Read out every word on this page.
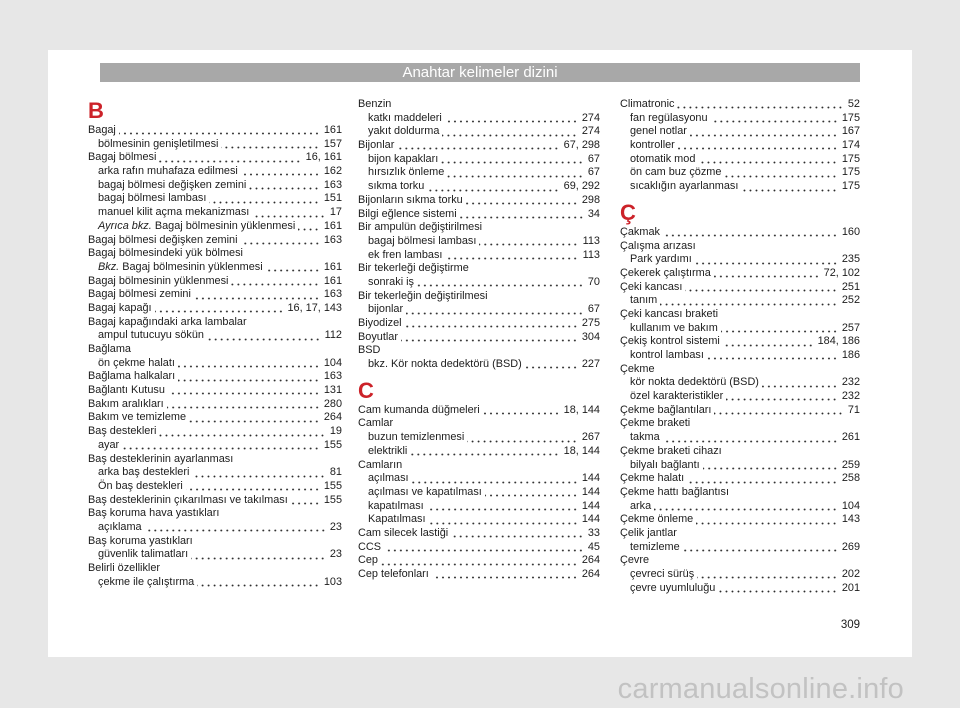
Anahtar kelimeler dizini
B
Bagaj	161
bölmesinin genişletilmesi	157
Bagaj bölmesi	16, 161
arka rafın muhafaza edilmesi	162
bagaj bölmesi değişken zemini	163
bagaj bölmesi lambası	151
manuel kilit açma mekanizması	17
Ayrıca bkz. Bagaj bölmesinin yüklenmesi	161
Bagaj bölmesi değişken zemini	163
Bagaj bölmesindeki yük bölmesi
Bkz. Bagaj bölmesinin yüklenmesi	161
Bagaj bölmesinin yüklenmesi	161
Bagaj bölmesi zemini	163
Bagaj kapağı	16, 17, 143
Bagaj kapağındaki arka lambalar
ampul tutucuyu sökün	112
Bağlama
ön çekme halatı	104
Bağlama halkaları	163
Bağlantı Kutusu	131
Bakım aralıkları	280
Bakım ve temizleme	264
Baş destekleri	19
ayar	155
Baş desteklerinin ayarlanması
arka baş destekleri	81
Ön baş destekleri	155
Baş desteklerinin çıkarılması ve takılması	155
Baş koruma hava yastıkları
açıklama	23
Baş koruma yastıkları
güvenlik talimatları	23
Belirli özellikler
çekme ile çalıştırma	103
Benzin
katkı maddeleri	274
yakıt doldurma	274
Bijonlar	67, 298
bijon kapakları	67
hırsızlık önleme	67
sıkma torku	69, 292
Bijonların sıkma torku	298
Bilgi eğlence sistemi	34
Bir ampulün değiştirilmesi
bagaj bölmesi lambası	113
ek fren lambası	113
Bir tekerleği değiştirme
sonraki iş	70
Bir tekerleğin değiştirilmesi
bijonlar	67
Biyodizel	275
Boyutlar	304
BSD
bkz. Kör nokta dedektörü (BSD)	227
C
Cam kumanda düğmeleri	18, 144
Camlar
buzun temizlenmesi	267
elektrikli	18, 144
Camların
açılması	144
açılması ve kapatılması	144
kapatılması	144
Kapatılması	144
Cam silecek lastiği	33
CCS	45
Cep	264
Cep telefonları	264
Climatronic	52
fan regülasyonu	175
genel notlar	167
kontroller	174
otomatik mod	175
ön cam buz çözme	175
sıcaklığın ayarlanması	175
Ç
Çakmak	160
Çalışma arızası
Park yardımı	235
Çekerek çalıştırma	72, 102
Çeki kancası	251
tanım	252
Çeki kancası braketi
kullanım ve bakım	257
Çekiş kontrol sistemi	184, 186
kontrol lambası	186
Çekme
kör nokta dedektörü (BSD)	232
özel karakteristikler	232
Çekme bağlantıları	71
Çekme braketi
takma	261
Çekme braketi cihazı
bilyalı bağlantı	259
Çekme halatı	258
Çekme hattı bağlantısı
arka	104
Çekme önleme	143
Çelik jantlar
temizleme	269
Çevre
çevreci sürüş	202
çevre uyumluluğu	201
309
carmanualsonline.info
